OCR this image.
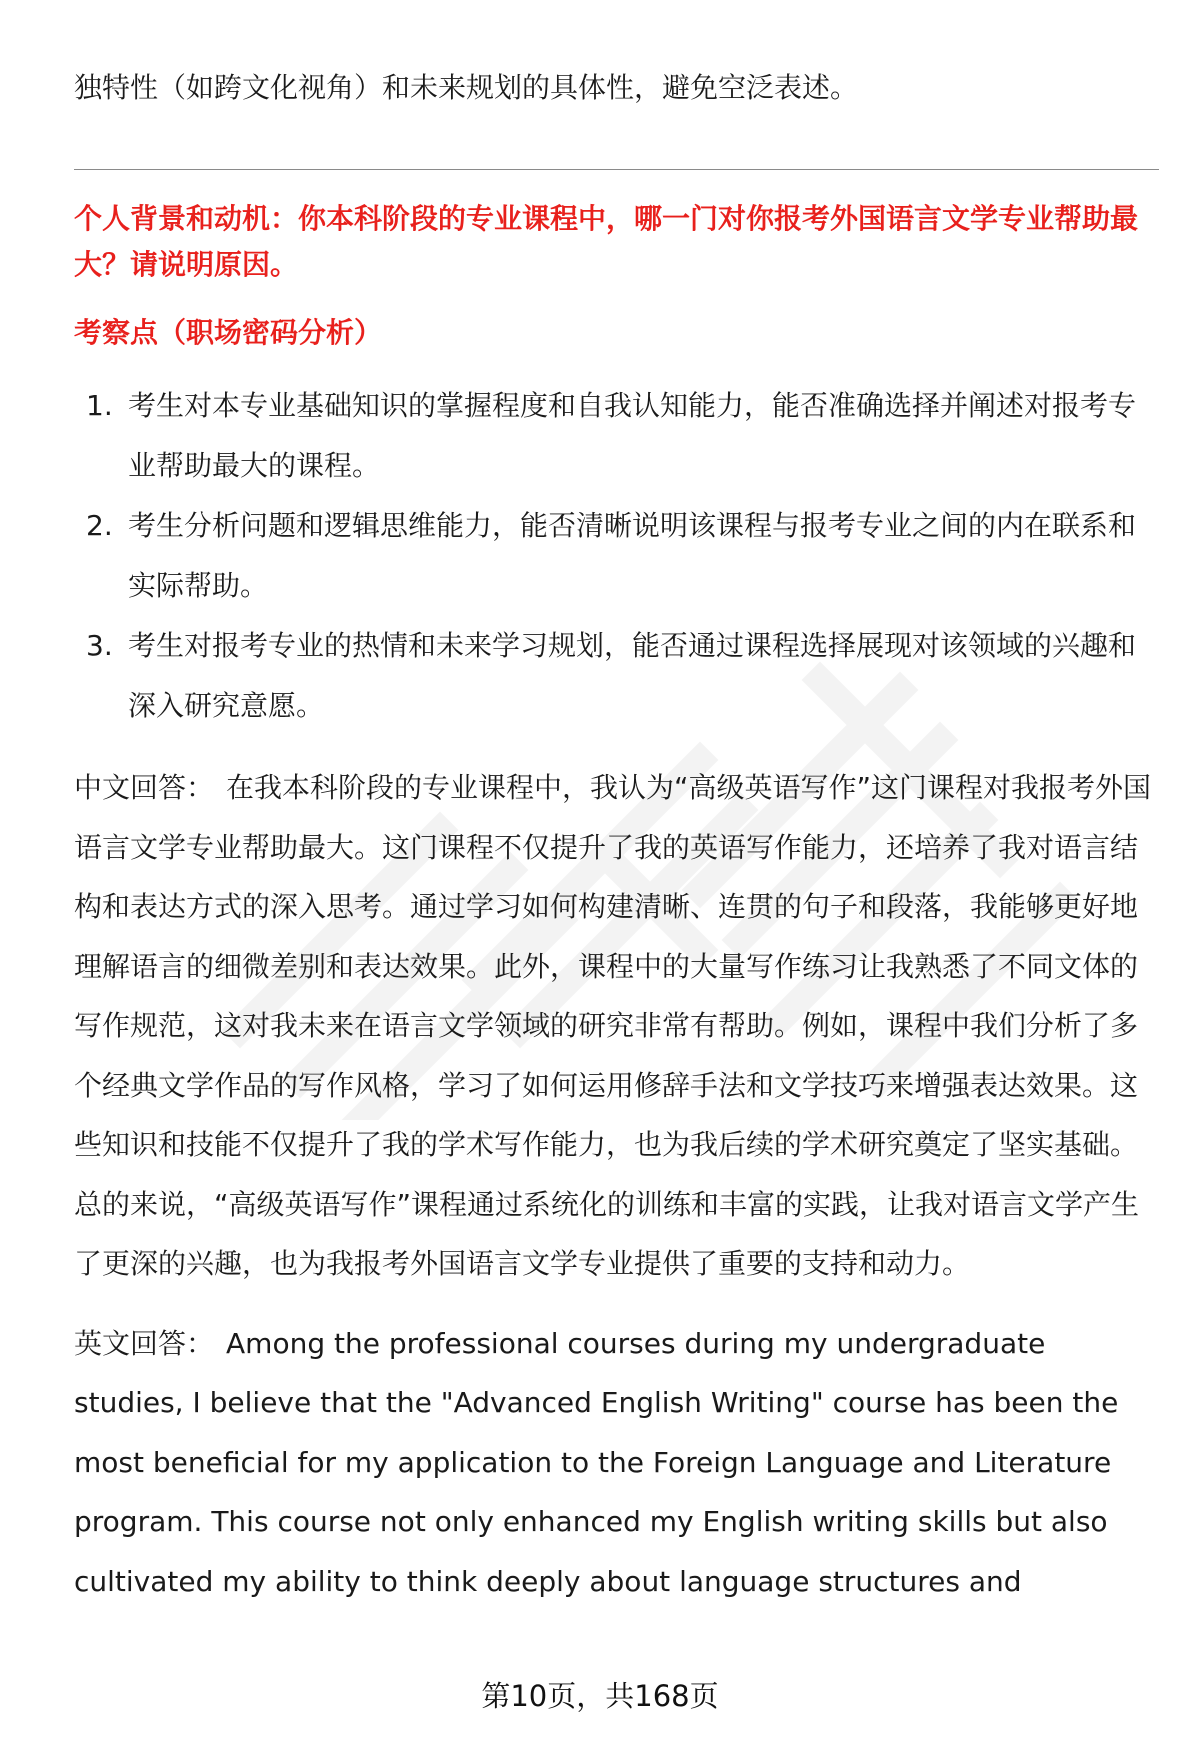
独特性（如跨文化视角）和未来规划的具体性，避免空泛表述。

个人背景和动机：你本科阶段的专业课程中，哪一门对你报考外国语言文学专业帮助最大？请说明原因。

考察点（职场密码分析）

1. 考生对本专业基础知识的掌握程度和自我认知能力，能否准确选择并阐述对报考专业帮助最大的课程。
2. 考生分析问题和逻辑思维能力，能否清晰说明该课程与报考专业之间的内在联系和实际帮助。
3. 考生对报考专业的热情和未来学习规划，能否通过课程选择展现对该领域的兴趣和深入研究意愿。

中文回答： 在我本科阶段的专业课程中，我认为“高级英语写作”这门课程对我报考外国语言文学专业帮助最大。这门课程不仅提升了我的英语写作能力，还培养了我对语言结构和表达方式的深入思考。通过学习如何构建清晰、连贯的句子和段落，我能够更好地理解语言的细微差别和表达效果。此外，课程中的大量写作练习让我熟悉了不同文体的写作规范，这对我未来在语言文学领域的研究非常有帮助。例如，课程中我们分析了多个经典文学作品的写作风格，学习了如何运用修辞手法和文学技巧来增强表达效果。这些知识和技能不仅提升了我的学术写作能力，也为我后续的学术研究奠定了坚实基础。总的来说，“高级英语写作”课程通过系统化的训练和丰富的实践，让我对语言文学产生了更深的兴趣，也为我报考外国语言文学专业提供了重要的支持和动力。

英文回答： Among the professional courses during my undergraduate studies, I believe that the "Advanced English Writing" course has been the most beneficial for my application to the Foreign Language and Literature program. This course not only enhanced my English writing skills but also cultivated my ability to think deeply about language structures and

第10页，共168页
